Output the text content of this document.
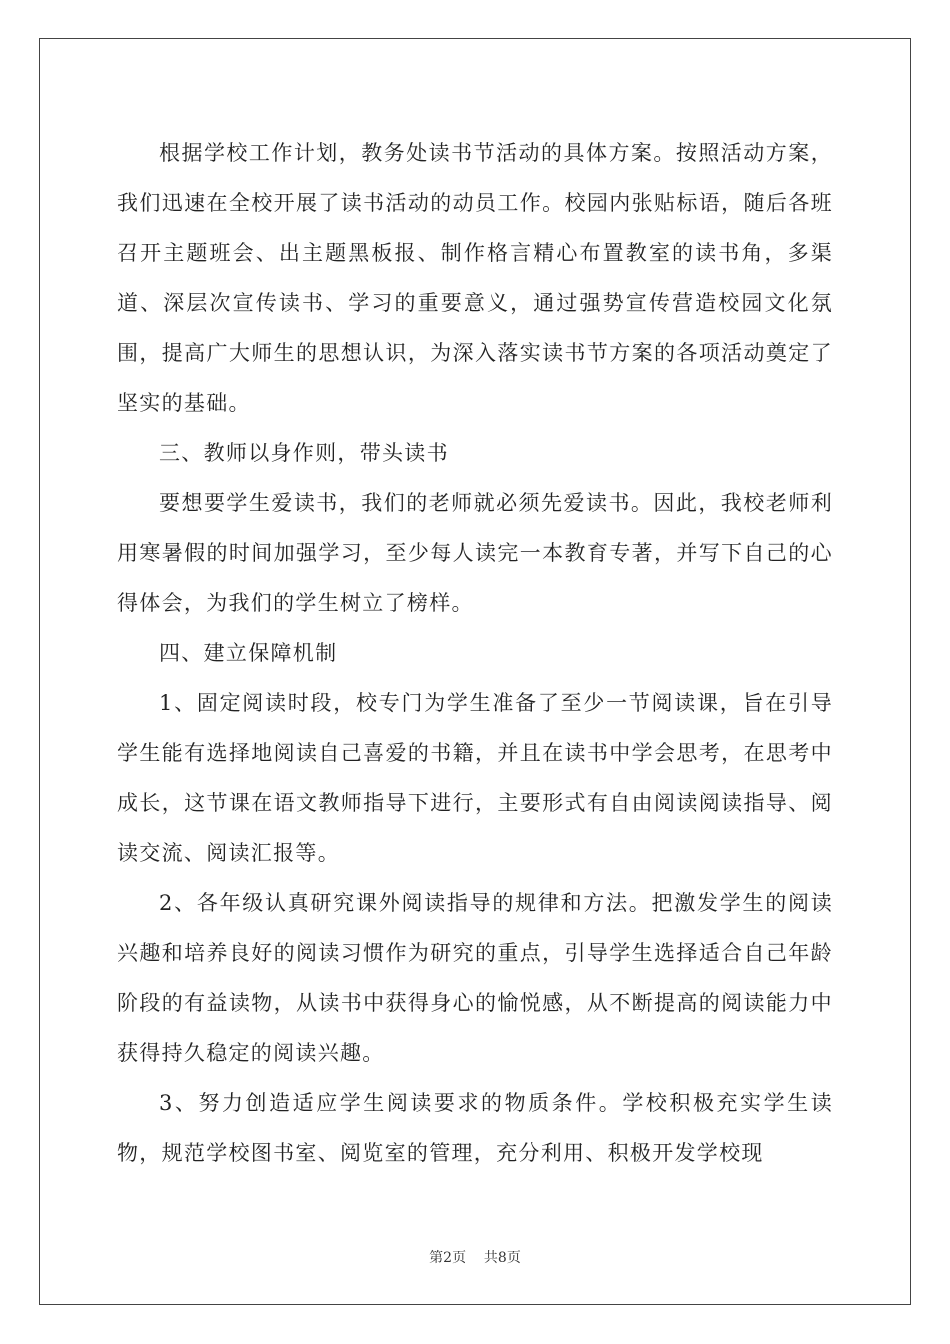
根据学校工作计划，教务处读书节活动的具体方案。按照活动方案，我们迅速在全校开展了读书活动的动员工作。校园内张贴标语，随后各班召开主题班会、出主题黑板报、制作格言精心布置教室的读书角，多渠道、深层次宣传读书、学习的重要意义，通过强势宣传营造校园文化氛围，提高广大师生的思想认识，为深入落实读书节方案的各项活动奠定了坚实的基础。

三、教师以身作则，带头读书

要想要学生爱读书，我们的老师就必须先爱读书。因此，我校老师利用寒暑假的时间加强学习，至少每人读完一本教育专著，并写下自己的心得体会，为我们的学生树立了榜样。

四、建立保障机制

1、固定阅读时段，校专门为学生准备了至少一节阅读课，旨在引导学生能有选择地阅读自己喜爱的书籍，并且在读书中学会思考，在思考中成长，这节课在语文教师指导下进行，主要形式有自由阅读阅读指导、阅读交流、阅读汇报等。

2、各年级认真研究课外阅读指导的规律和方法。把激发学生的阅读兴趣和培养良好的阅读习惯作为研究的重点，引导学生选择适合自己年龄阶段的有益读物，从读书中获得身心的愉悦感，从不断提高的阅读能力中获得持久稳定的阅读兴趣。

3、努力创造适应学生阅读要求的物质条件。学校积极充实学生读物，规范学校图书室、阅览室的管理，充分利用、积极开发学校现

第2页 共8页
